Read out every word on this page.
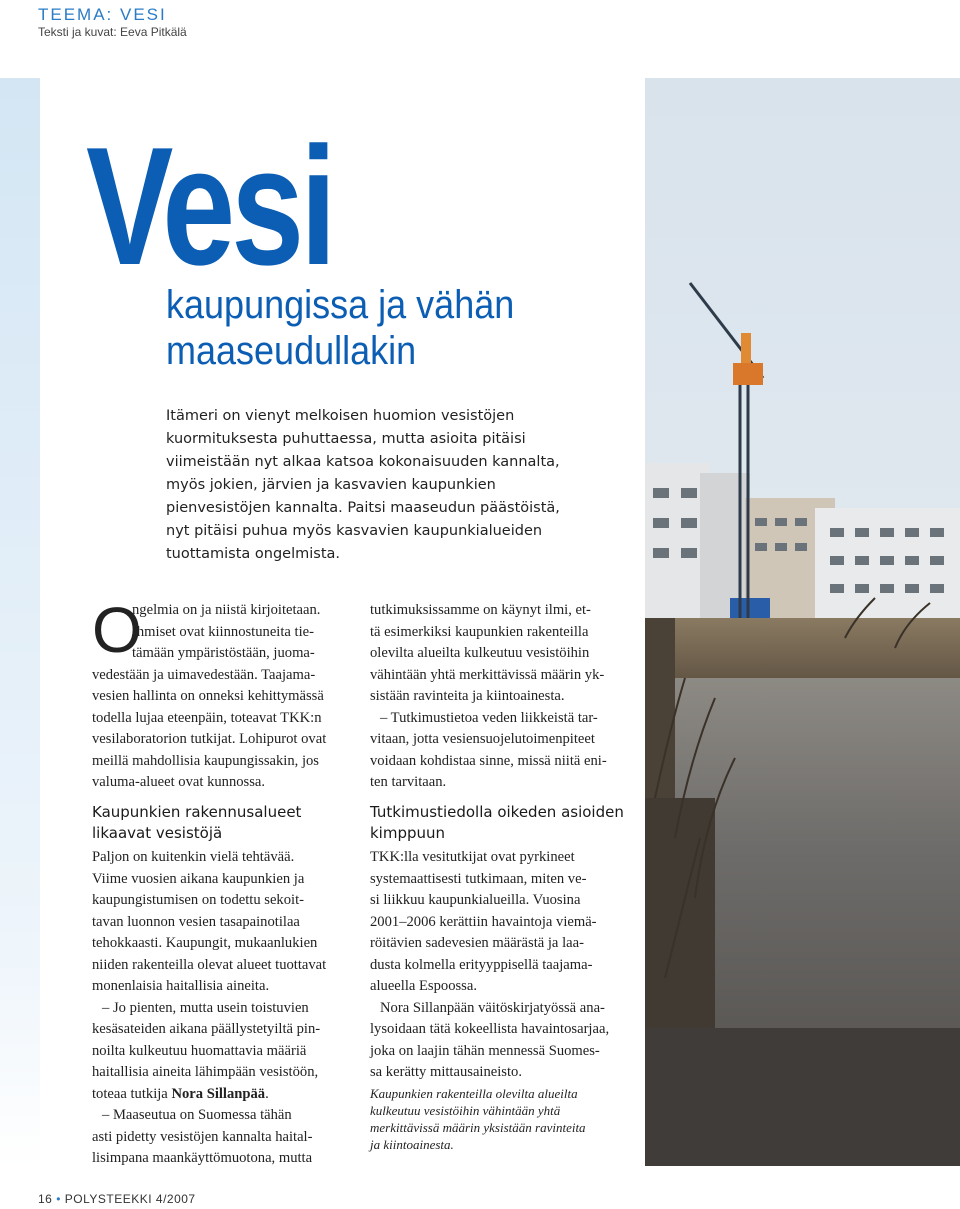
TEEMA: VESI
Teksti ja kuvat: Eeva Pitkälä
Vesi
kaupungissa ja vähän
maaseudullakin
Itämeri on vienyt melkoisen huomion vesistöjen
kuormituksesta puhuttaessa, mutta asioita pitäisi
viimeistään nyt alkaa katsoa kokonaisuuden kannalta,
myös jokien, järvien ja kasvavien kaupunkien
pienvesistöjen kannalta. Paitsi maaseudun päästöistä,
nyt pitäisi puhua myös kasvavien kaupunkialueiden
tuottamista ongelmista.
O
ngelmia on ja niistä kirjoitetaan.
Ihmiset ovat kiinnostuneita tie-
tämään ympäristöstään, juoma-
vedestään ja uimavedestään. Taajama-
vesien hallinta on onneksi kehittymässä
todella lujaa eteenpäin, toteavat TKK:n
vesilaboratorion tutkijat. Lohipurot ovat
meillä mahdollisia kaupungissakin, jos
valuma-alueet ovat kunnossa.
tutkimuksissamme on käynyt ilmi, et-
tä esimerkiksi kaupunkien rakenteilla
olevilta alueilta kulkeutuu vesistöihin
vähintään yhtä merkittävissä määrin yk-
sistään ravinteita ja kiintoainesta.
– Tutkimustietoa veden liikkeistä tar-
vitaan, jotta vesiensuojelutoimenpiteet
voidaan kohdistaa sinne, missä niitä eni-
ten tarvitaan.
Kaupunkien rakennusalueet
likaavat vesistöjä
Tutkimustiedolla oikeden asioiden
kimppuun
Paljon on kuitenkin vielä tehtävää.
Viime vuosien aikana kaupunkien ja
kaupungistumisen on todettu sekoit-
tavan luonnon vesien tasapainotilaa
tehokkaasti. Kaupungit, mukaanlukien
niiden rakenteilla olevat alueet tuottavat
monenlaisia haitallisia aineita.
– Jo pienten, mutta usein toistuvien
kesäsateiden aikana päällystetyiltä pin-
noilta kulkeutuu huomattavia määriä
haitallisia aineita lähimpään vesistöön,
toteaa tutkija Nora Sillanpää.
– Maaseutua on Suomessa tähän
asti pidetty vesistöjen kannalta haital-
lisimpana maankäyttömuotona, mutta
TKK:lla vesitutkijat ovat pyrkineet
systemaattisesti tutkimaan, miten ve-
si liikkuu kaupunkialueilla. Vuosina
2001–2006 kerättiin havaintoja viemä-
röitävien sadevesien määrästä ja laa-
dusta kolmella erityyppisellä taajama-
alueella Espoossa.
Nora Sillanpään väitöskirjatyössä ana-
lysoidaan tätä kokeellista havaintosarjaa,
joka on laajin tähän mennessä Suomes-
sa kerätty mittausaineisto.
Kaupunkien rakenteilla olevilta alueilta
kulkeutuu vesistöihin vähintään yhtä
merkittävissä määrin yksistään ravinteita
ja kiintoainesta.
16 • POLYSTEEKKI 4/2007
